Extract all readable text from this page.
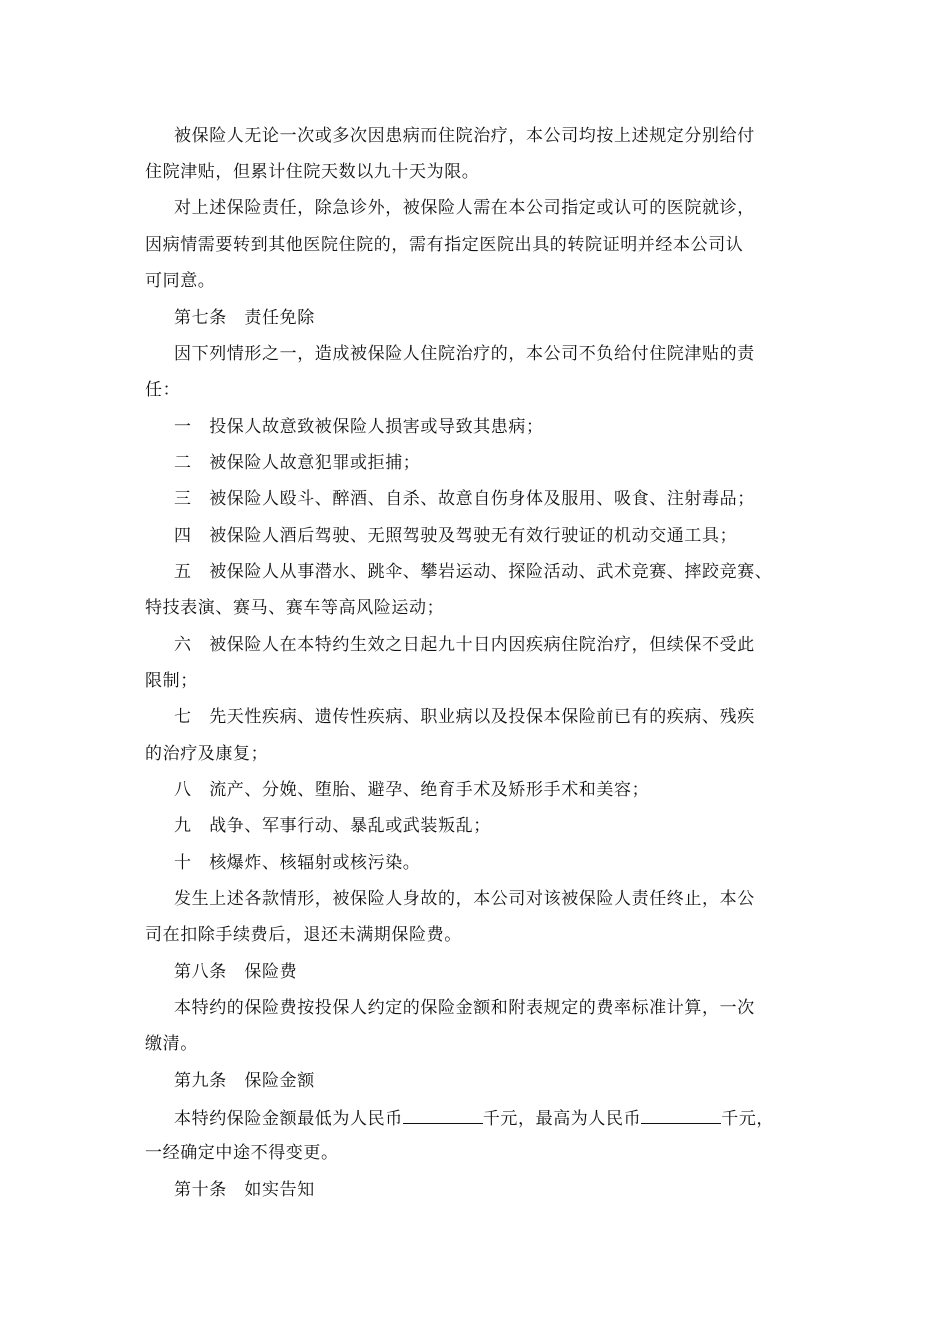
被保险人无论一次或多次因患病而住院治疗，本公司均按上述规定分别给付
住院津贴，但累计住院天数以九十天为限。
对上述保险责任，除急诊外，被保险人需在本公司指定或认可的医院就诊，
因病情需要转到其他医院住院的，需有指定医院出具的转院证明并经本公司认
可同意。
第七条　责任免除
因下列情形之一，造成被保险人住院治疗的，本公司不负给付住院津贴的责
任：
一　投保人故意致被保险人损害或导致其患病；
二　被保险人故意犯罪或拒捕；
三　被保险人殴斗、醉酒、自杀、故意自伤身体及服用、吸食、注射毒品；
四　被保险人酒后驾驶、无照驾驶及驾驶无有效行驶证的机动交通工具；
五　被保险人从事潜水、跳伞、攀岩运动、探险活动、武术竞赛、摔跤竞赛、
特技表演、赛马、赛车等高风险运动；
六　被保险人在本特约生效之日起九十日内因疾病住院治疗，但续保不受此
限制；
七　先天性疾病、遗传性疾病、职业病以及投保本保险前已有的疾病、残疾
的治疗及康复；
八　流产、分娩、堕胎、避孕、绝育手术及矫形手术和美容；
九　战争、军事行动、暴乱或武装叛乱；
十　核爆炸、核辐射或核污染。
发生上述各款情形，被保险人身故的，本公司对该被保险人责任终止，本公
司在扣除手续费后，退还未满期保险费。
第八条　保险费
本特约的保险费按投保人约定的保险金额和附表规定的费率标准计算，一次
缴清。
第九条　保险金额
本特约保险金额最低为人民币	千元，最高为人民币	千元，
一经确定中途不得变更。
第十条　如实告知
